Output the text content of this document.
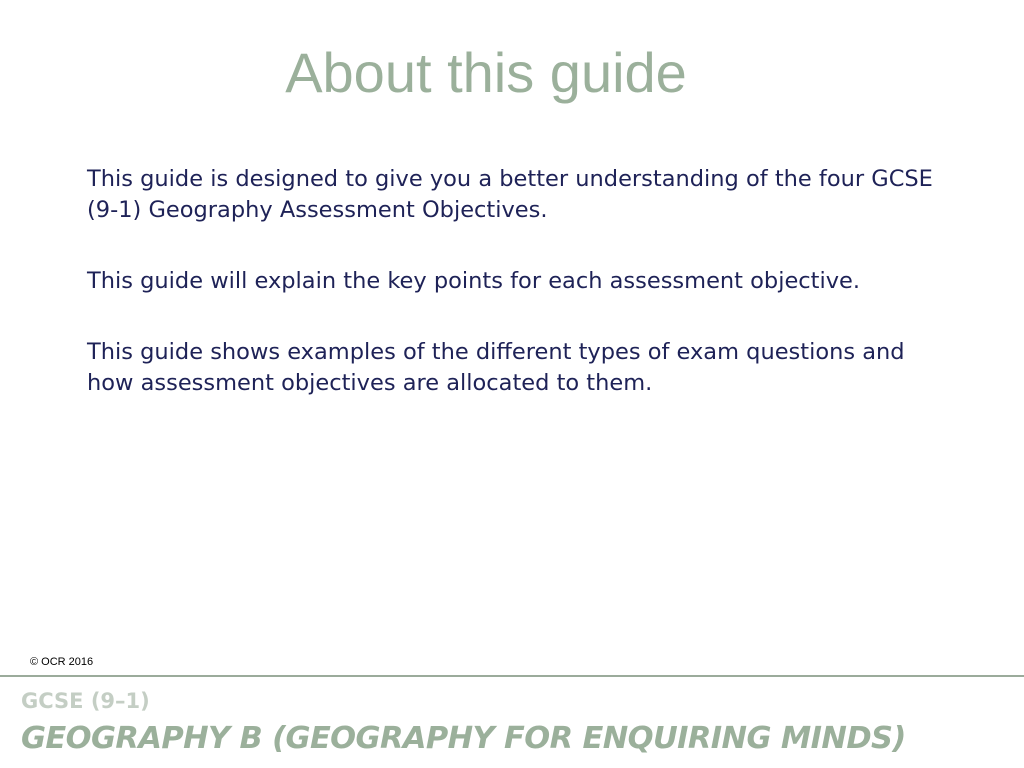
About this guide

This guide is designed to give you a better understanding of the four GCSE (9-1) Geography Assessment Objectives.

This guide will explain the key points for each assessment objective.

This guide shows examples of the different types of exam questions and how assessment objectives are allocated to them.

© OCR 2016
GCSE (9–1)
GEOGRAPHY B (GEOGRAPHY FOR ENQUIRING MINDS)
